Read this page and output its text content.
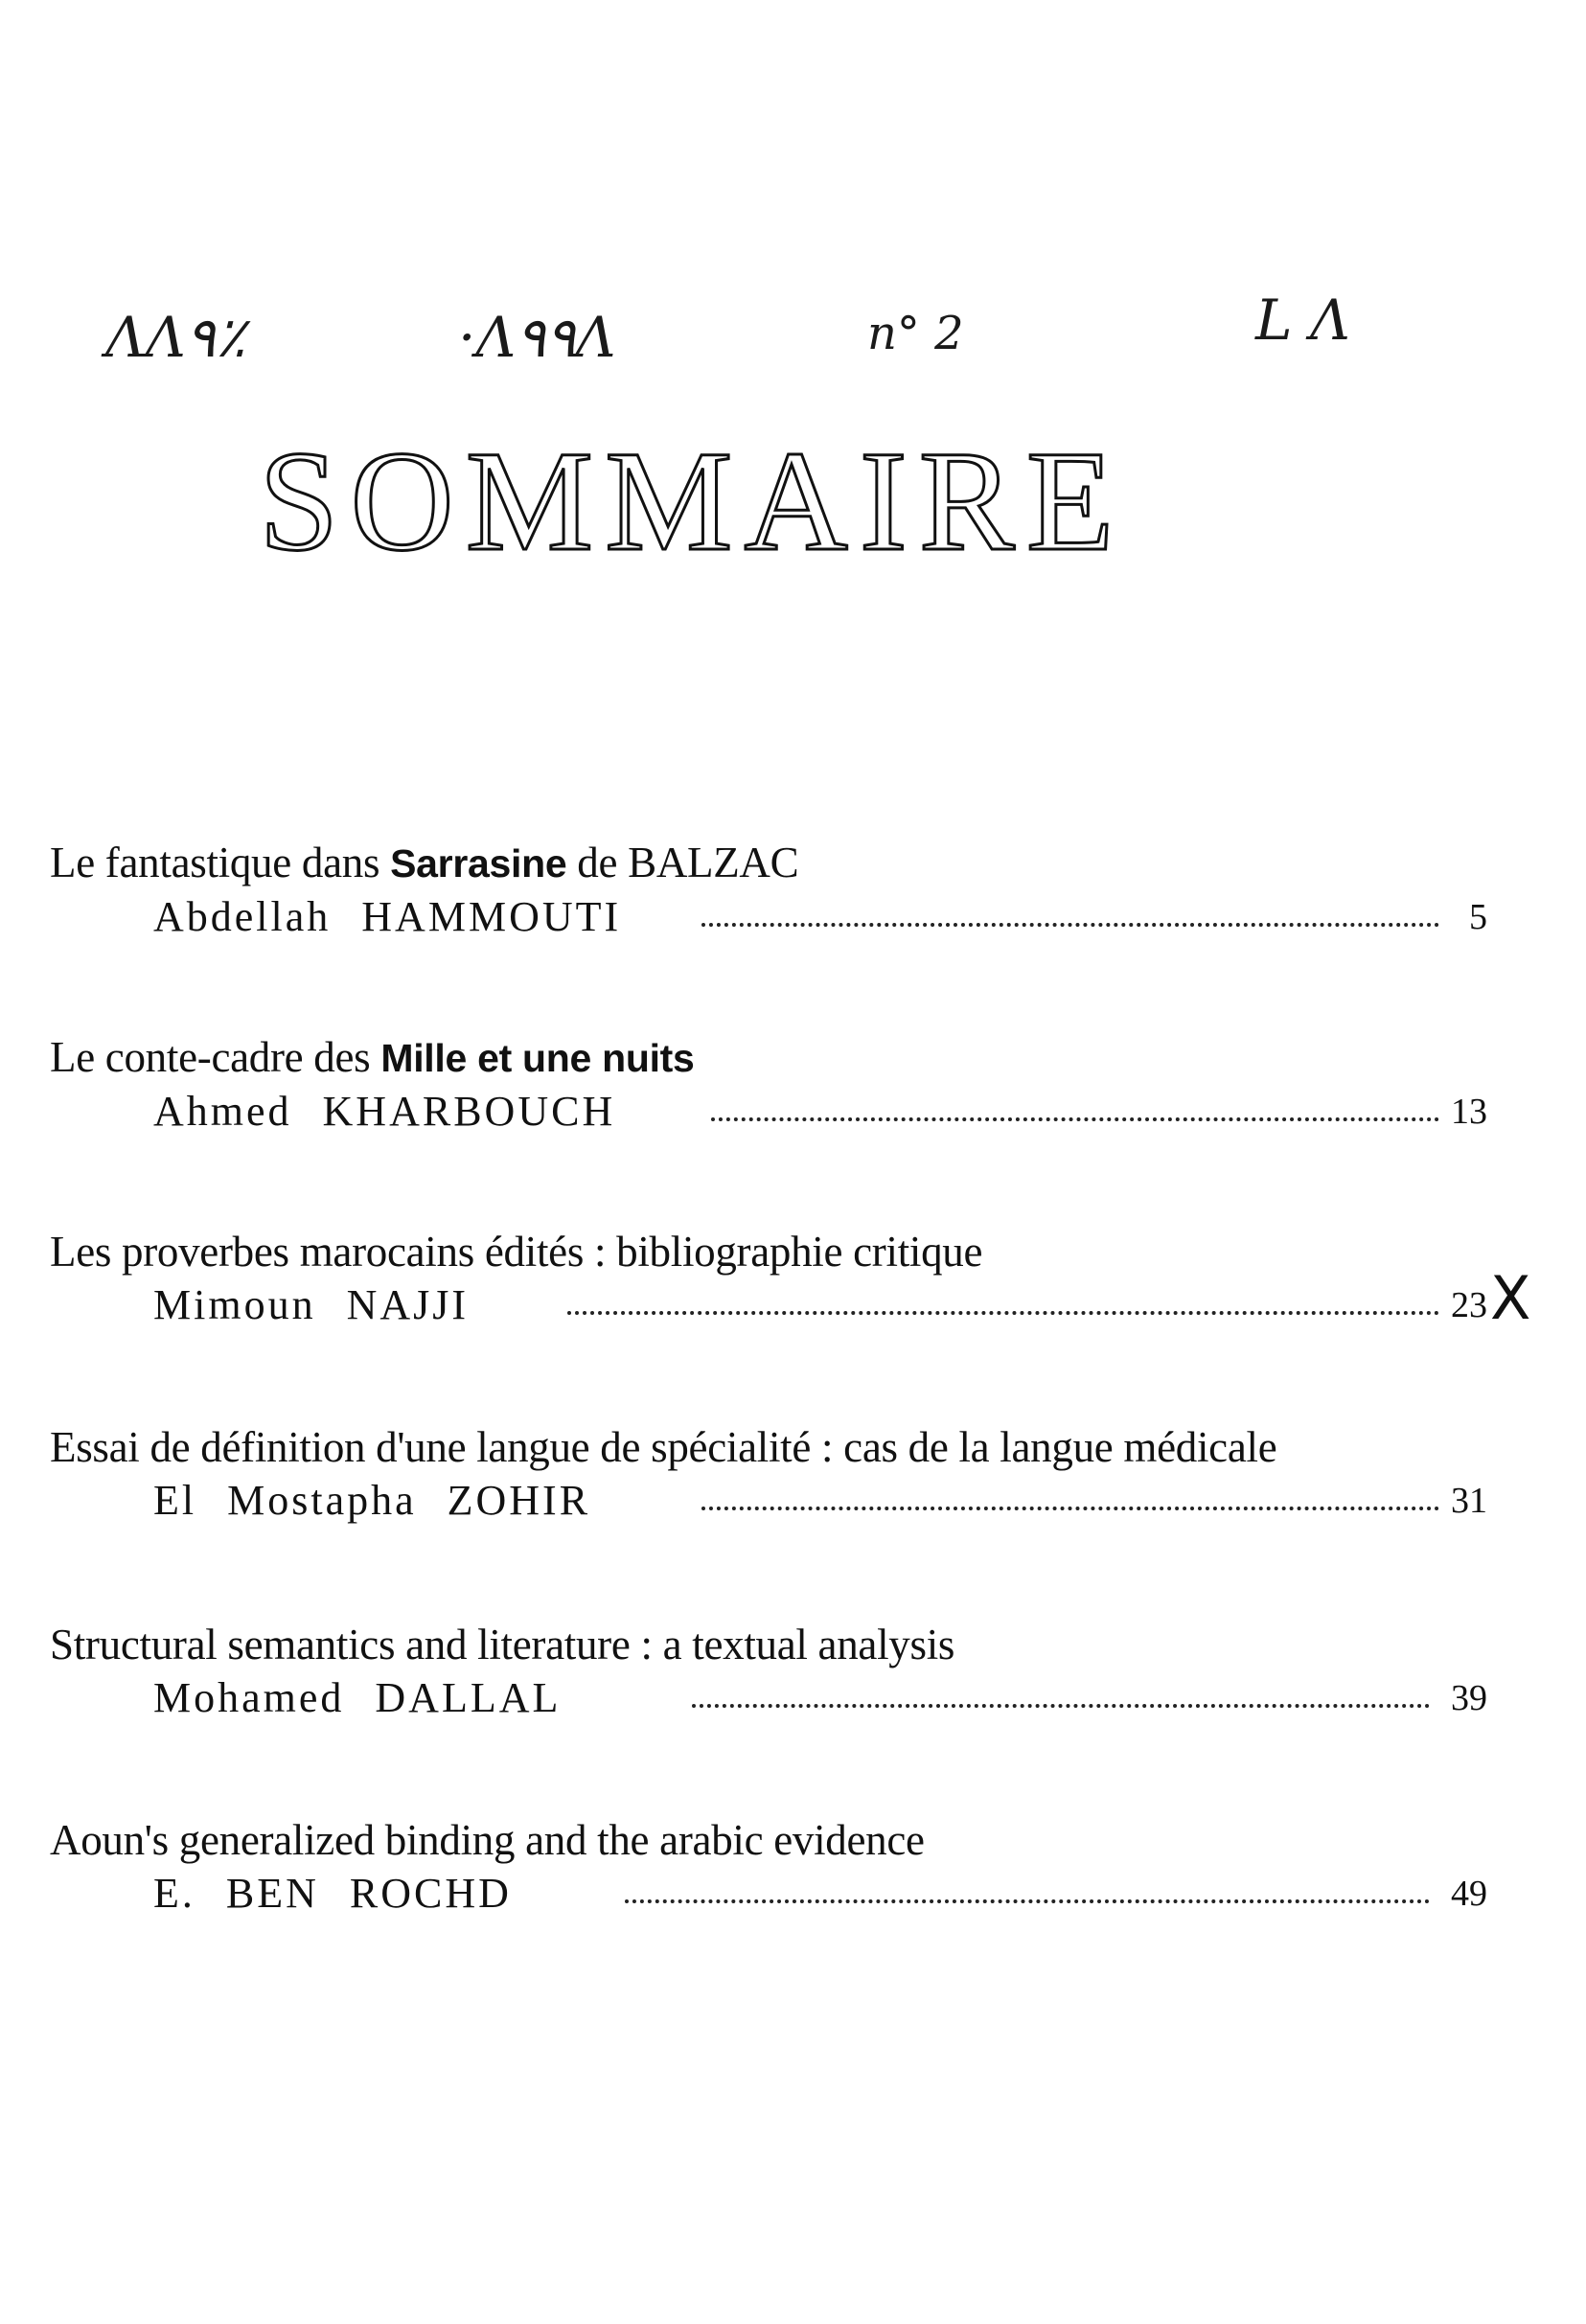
ΛΛ٩٪	·Λ٩٩Λ	n° 2	L Λ
SOMMAIRE
Le fantastique dans Sarrasine de BALZAC
Abdellah HAMMOUTI	5
Le conte-cadre des Mille et une nuits
Ahmed KHARBOUCH	13
Les proverbes marocains édités : bibliographie critique
Mimoun NAJJI	23 X
Essai de définition d'une langue de spécialité : cas de la langue médicale
El Mostapha ZOHIR	31
Structural semantics and literature : a textual analysis
Mohamed DALLAL	39
Aoun's generalized binding and the arabic evidence
E. BEN ROCHD	49
